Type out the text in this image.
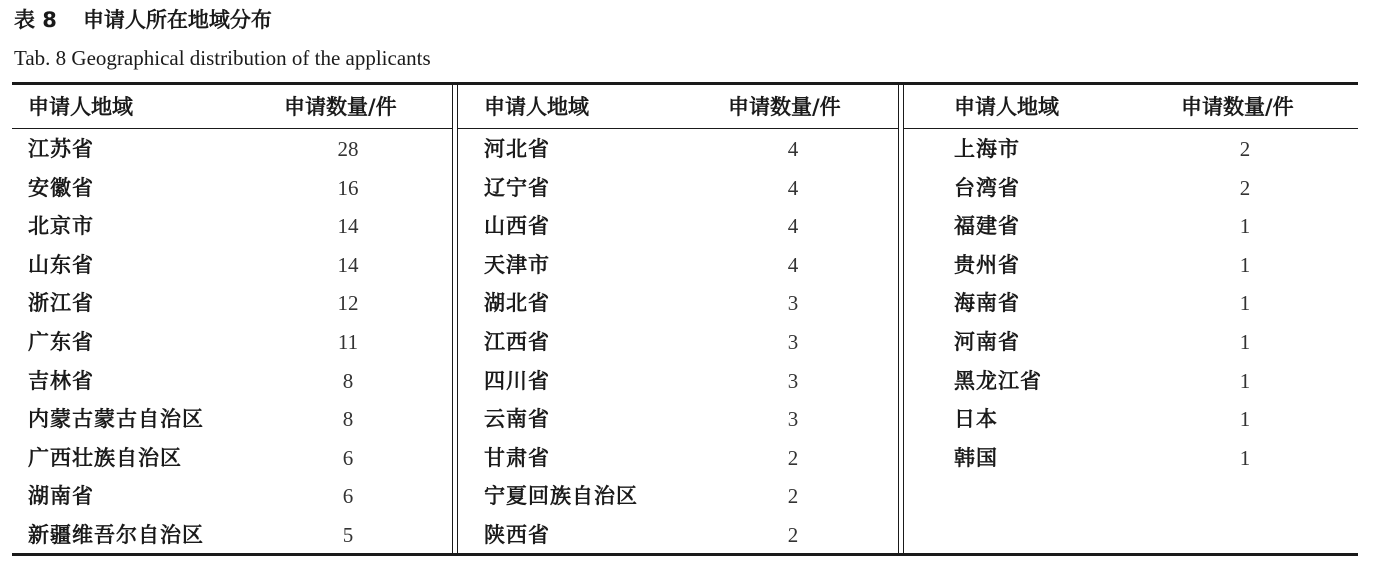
表 8 申请人所在地域分布
Tab. 8 Geographical distribution of the applicants
申请人地域	申请数量/件
江苏省	28
安徽省	16
北京市	14
山东省	14
浙江省	12
广东省	11
吉林省	8
内蒙古蒙古自治区	8
广西壮族自治区	6
湖南省	6
新疆维吾尔自治区	5
申请人地域	申请数量/件
河北省	4
辽宁省	4
山西省	4
天津市	4
湖北省	3
江西省	3
四川省	3
云南省	3
甘肃省	2
宁夏回族自治区	2
陕西省	2
申请人地域	申请数量/件
上海市	2
台湾省	2
福建省	1
贵州省	1
海南省	1
河南省	1
黑龙江省	1
日本	1
韩国	1
